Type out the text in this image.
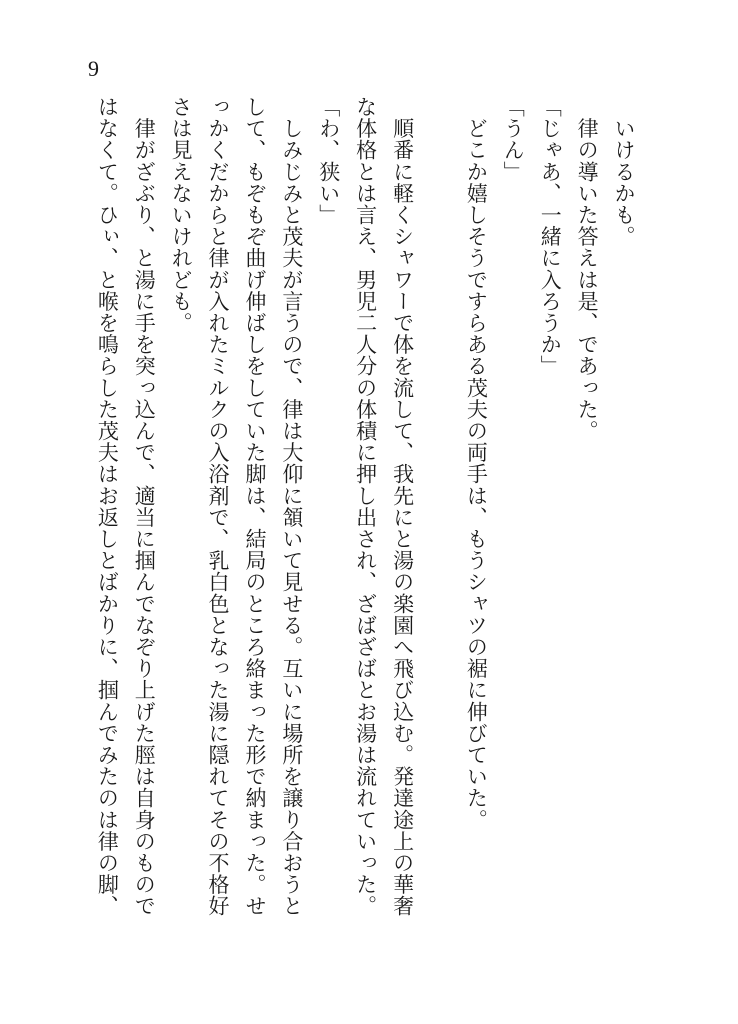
9
　いけるかも。
　律の導いた答えは是、であった。
「じゃあ、一緒に入ろうか」
「うん」
　どこか嬉しそうですらある茂夫の両手は、もうシャツの裾に伸びていた。

　順番に軽くシャワーで体を流して、我先にと湯の楽園へ飛び込む。発達途上の華奢
な体格とは言え、男児二人分の体積に押し出され、ざばざばとお湯は流れていった。
「わ、狭い」
　しみじみと茂夫が言うので、律は大仰に頷いて見せる。互いに場所を譲り合おうと
して、もぞもぞ曲げ伸ばしをしていた脚は、結局のところ絡まった形で納まった。せ
っかくだからと律が入れたミルクの入浴剤で、乳白色となった湯に隠れてその不格好
さは見えないけれども。
　律がざぶり、と湯に手を突っ込んで、適当に掴んでなぞり上げた脛は自身のもので
はなくて。ひぃ、と喉を鳴らした茂夫はお返しとばかりに、掴んでみたのは律の脚、
